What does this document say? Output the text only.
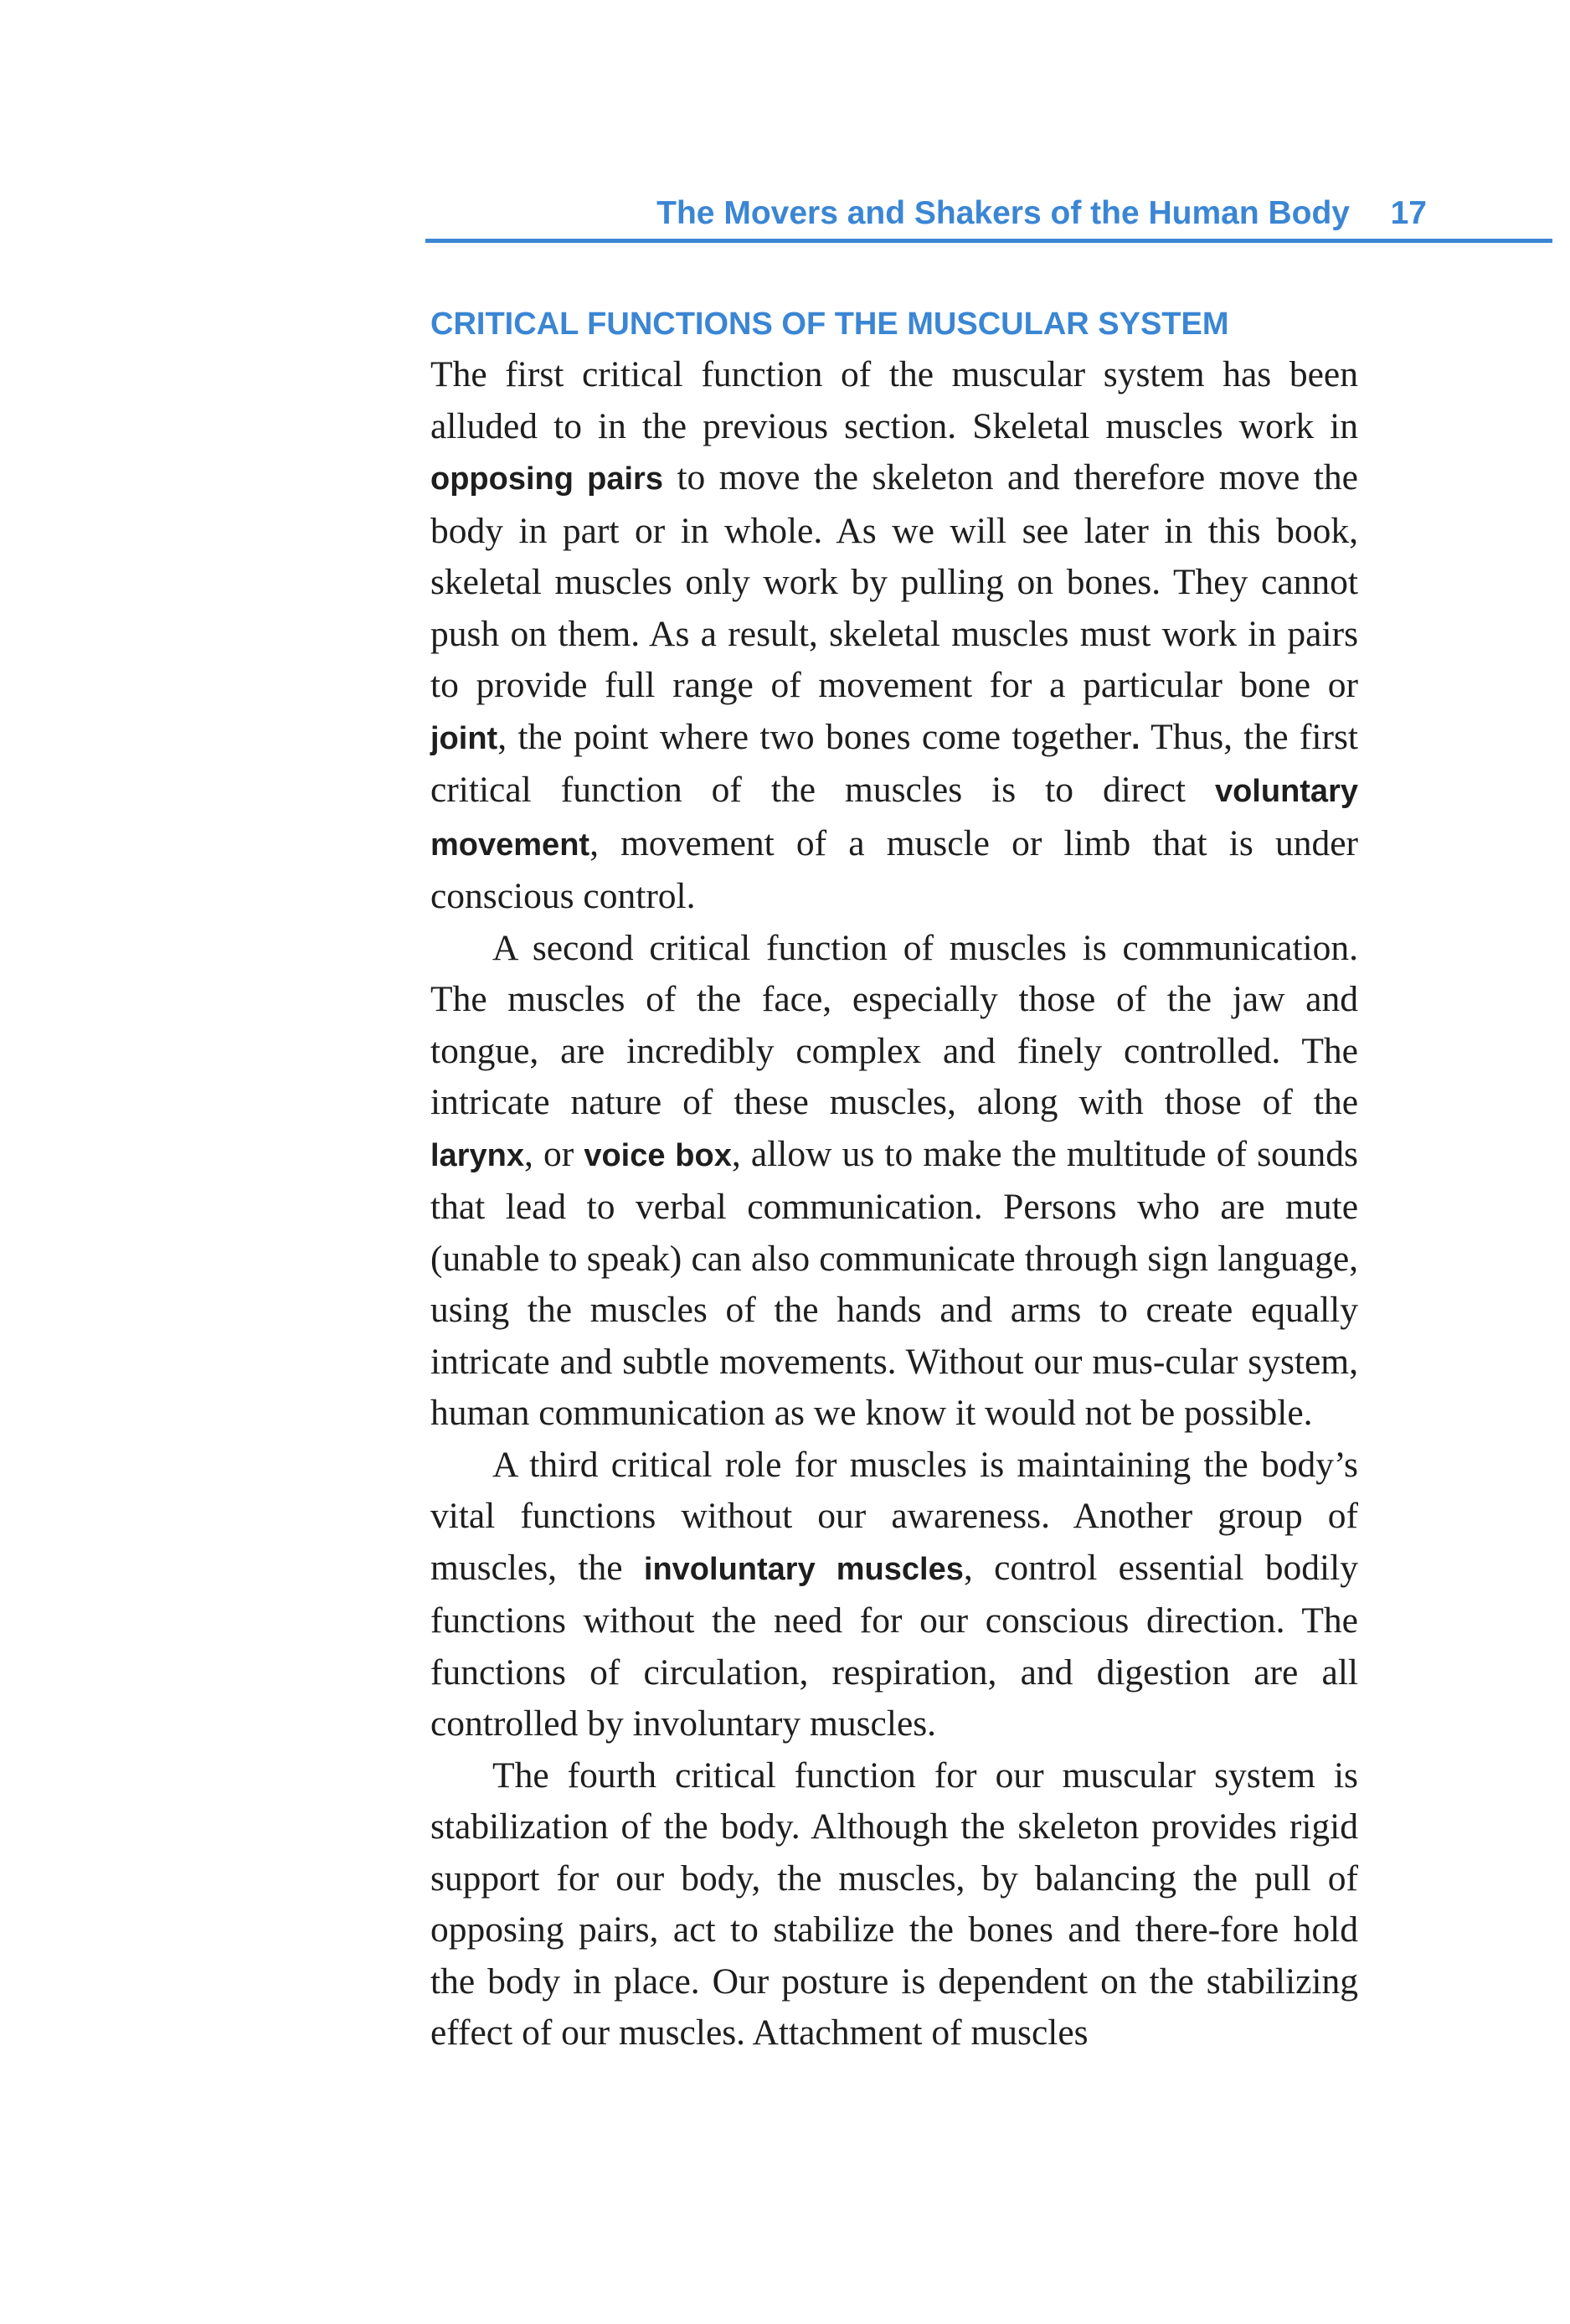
The Movers and Shakers of the Human Body 17
CRITICAL FUNCTIONS OF THE MUSCULAR SYSTEM

The first critical function of the muscular system has been alluded to in the previous section. Skeletal muscles work in opposing pairs to move the skeleton and therefore move the body in part or in whole. As we will see later in this book, skeletal muscles only work by pulling on bones. They cannot push on them. As a result, skeletal muscles must work in pairs to provide full range of movement for a particular bone or joint, the point where two bones come together. Thus, the first critical function of the muscles is to direct voluntary movement, movement of a muscle or limb that is under conscious control.

A second critical function of muscles is communication. The muscles of the face, especially those of the jaw and tongue, are incredibly complex and finely controlled. The intricate nature of these muscles, along with those of the larynx, or voice box, allow us to make the multitude of sounds that lead to verbal communication. Persons who are mute (unable to speak) can also communicate through sign language, using the muscles of the hands and arms to create equally intricate and subtle movements. Without our mus-cular system, human communication as we know it would not be possible.

A third critical role for muscles is maintaining the body’s vital functions without our awareness. Another group of muscles, the involuntary muscles, control essential bodily functions without the need for our conscious direction. The functions of circulation, respiration, and digestion are all controlled by involuntary muscles.

The fourth critical function for our muscular system is stabilization of the body. Although the skeleton provides rigid support for our body, the muscles, by balancing the pull of opposing pairs, act to stabilize the bones and there-fore hold the body in place. Our posture is dependent on the stabilizing effect of our muscles. Attachment of muscles
